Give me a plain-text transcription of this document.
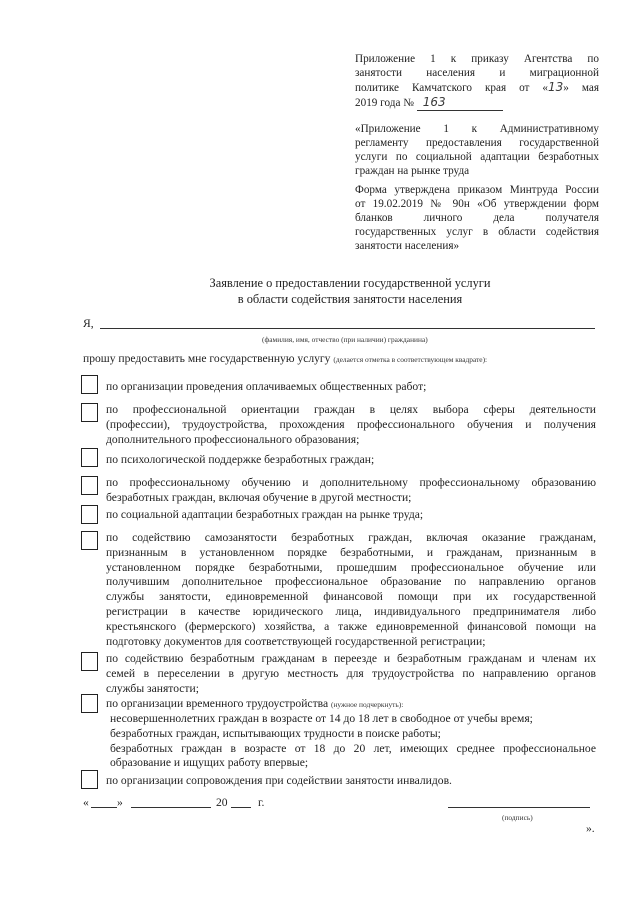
Приложение 1 к приказу Агентства по
занятости населения и миграционной
политике Камчатского края от «13» мая
2019 года № 163
«Приложение 1 к Административному
регламенту предоставления государственной
услуги по социальной адаптации безработных
граждан на рынке труда
Форма утверждена приказом Минтруда России
от 19.02.2019 № 90н «Об утверждении форм
бланков личного дела получателя
государственных услуг в области содействия
занятости населения»
Заявление о предоставлении государственной услуги
в области содействия занятости населения
Я,
(фамилия, имя, отчество (при наличии) гражданина)
прошу предоставить мне государственную услугу (делается отметка в соответствующем квадрате):
по организации проведения оплачиваемых общественных работ;
по профессиональной ориентации граждан в целях выбора сферы деятельности
(профессии), трудоустройства, прохождения профессионального обучения и получения
дополнительного профессионального образования;
по психологической поддержке безработных граждан;
по профессиональному обучению и дополнительному профессиональному образованию
безработных граждан, включая обучение в другой местности;
по социальной адаптации безработных граждан на рынке труда;
по содействию самозанятости безработных граждан, включая оказание гражданам,
признанным в установленном порядке безработными, и гражданам, признанным в
установленном порядке безработными, прошедшим профессиональное обучение или
получившим дополнительное профессиональное образование по направлению органов
службы занятости, единовременной финансовой помощи при их государственной
регистрации в качестве юридического лица, индивидуального предпринимателя либо
крестьянского (фермерского) хозяйства, а также единовременной финансовой помощи на
подготовку документов для соответствующей государственной регистрации;
по содействию безработным гражданам в переезде и безработным гражданам и членам их
семей в переселении в другую местность для трудоустройства по направлению органов
службы занятости;
по организации временного трудоустройства (нужное подчеркнуть):
несовершеннолетних граждан в возрасте от 14 до 18 лет в свободное от учебы время;
безработных граждан, испытывающих трудности в поиске работы;
безработных граждан в возрасте от 18 до 20 лет, имеющих среднее профессиональное
образование и ищущих работу впервые;
по организации сопровождения при содействии занятости инвалидов.
« »	20	г.
(подпись)
».
